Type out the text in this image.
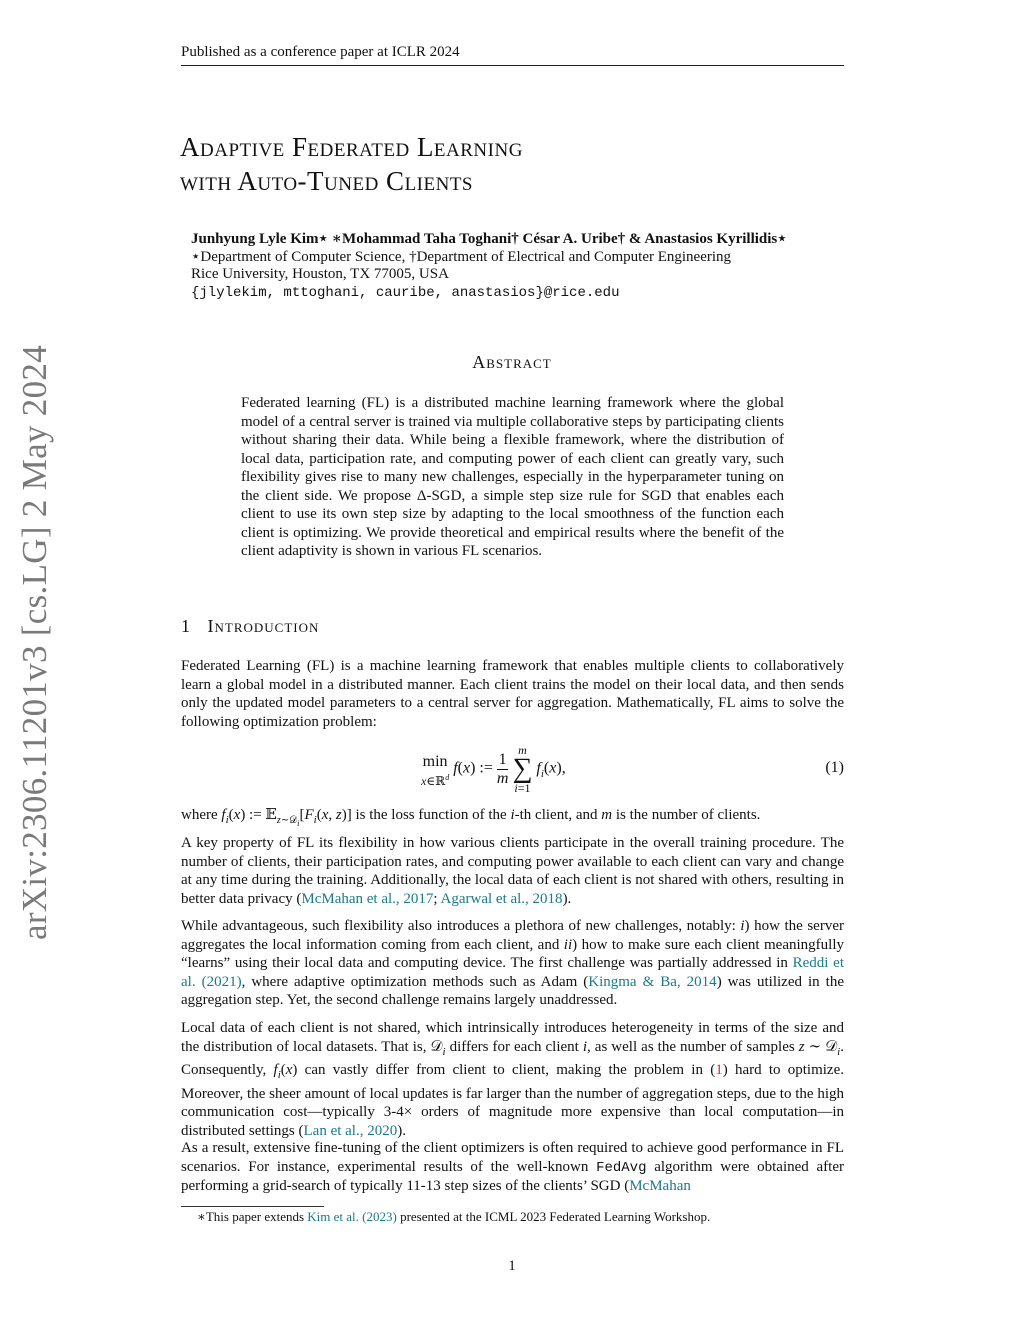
Published as a conference paper at ICLR 2024
Adaptive Federated Learning
with Auto-Tuned Clients
Junhyung Lyle Kim⋆ ∗Mohammad Taha Toghani† César A. Uribe† & Anastasios Kyrillidis⋆
⋆Department of Computer Science, †Department of Electrical and Computer Engineering
Rice University, Houston, TX 77005, USA
{jlylekim, mttoghani, cauribe, anastasios}@rice.edu
Abstract
Federated learning (FL) is a distributed machine learning framework where the global model of a central server is trained via multiple collaborative steps by participating clients without sharing their data. While being a flexible framework, where the distribution of local data, participation rate, and computing power of each client can greatly vary, such flexibility gives rise to many new challenges, especially in the hyperparameter tuning on the client side. We propose Δ-SGD, a simple step size rule for SGD that enables each client to use its own step size by adapting to the local smoothness of the function each client is optimizing. We provide theoretical and empirical results where the benefit of the client adaptivity is shown in various FL scenarios.
1 Introduction
Federated Learning (FL) is a machine learning framework that enables multiple clients to collaboratively learn a global model in a distributed manner. Each client trains the model on their local data, and then sends only the updated model parameters to a central server for aggregation. Mathematically, FL aims to solve the following optimization problem:
min
x∈ℝ$^d$
f(x) := $\frac{1}{m}$

m
∑
i=1
$f_i(x)$,	(1)
where $f_i(x)$ := $𝔼_{z\sim 𝒟_i}[F_i(x$, z)] is the loss function of the i-th client, and m is the number of clients.
A key property of FL its flexibility in how various clients participate in the overall training procedure. The number of clients, their participation rates, and computing power available to each client can vary and change at any time during the training. Additionally, the local data of each client is not shared with others, resulting in better data privacy (McMahan et al., 2017; Agarwal et al., 2018).
While advantageous, such flexibility also introduces a plethora of new challenges, notably: i) how the server aggregates the local information coming from each client, and ii) how to make sure each client meaningfully “learns” using their local data and computing device. The first challenge was partially addressed in Reddi et al. (2021), where adaptive optimization methods such as Adam (Kingma & Ba, 2014) was utilized in the aggregation step. Yet, the second challenge remains largely unaddressed.
Local data of each client is not shared, which intrinsically introduces heterogeneity in terms of the size and the distribution of local datasets. That is, 𝒟$_i$ differs for each client i, as well as the number of samples z ∼ 𝒟$_i$. Consequently, $f_i(x)$ can vastly differ from client to client, making the problem in (1) hard to optimize. Moreover, the sheer amount of local updates is far larger than the number of aggregation steps, due to the high communication cost—typically 3-4× orders of magnitude more expensive than local computation—in distributed settings (Lan et al., 2020).
As a result, extensive fine-tuning of the client optimizers is often required to achieve good performance in FL scenarios. For instance, experimental results of the well-known FedAvg algorithm were obtained after performing a grid-search of typically 11-13 step sizes of the clients’ SGD (McMahan
∗This paper extends Kim et al. (2023) presented at the ICML 2023 Federated Learning Workshop.
1
arXiv:2306.11201v3 [cs.LG] 2 May 2024
